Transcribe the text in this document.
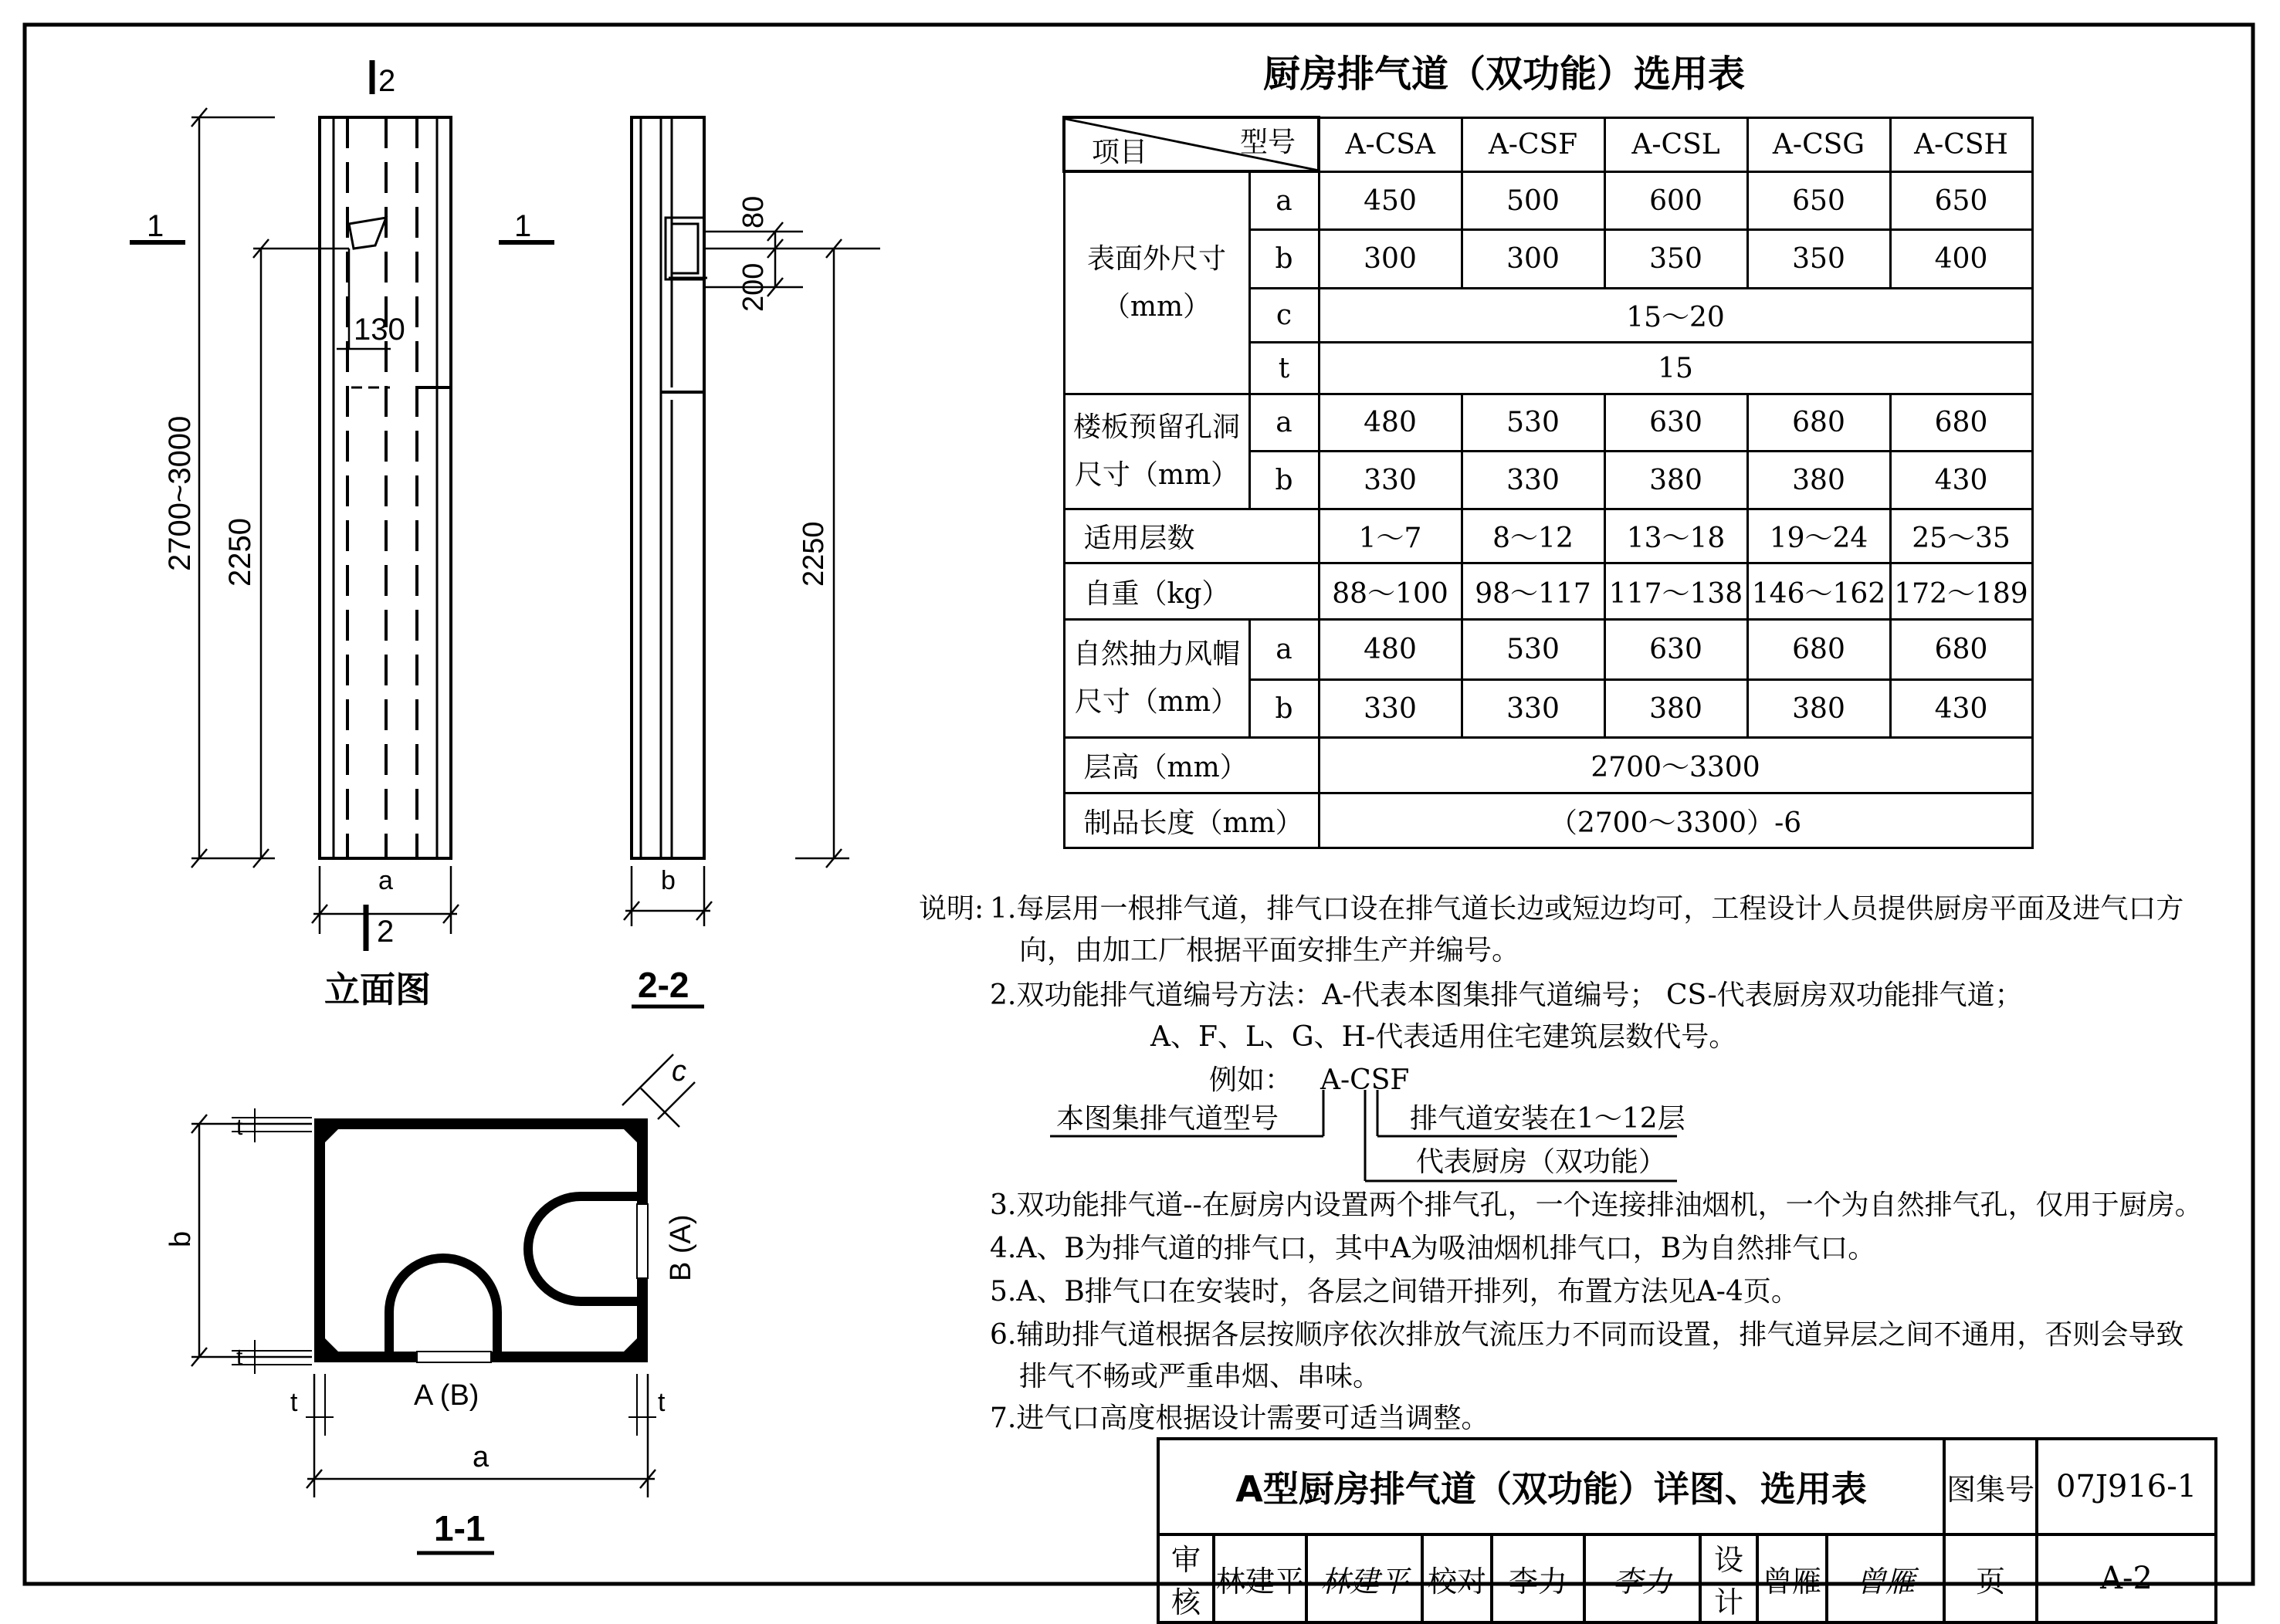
2
1	1
2700~3000 2250
130
a
2
立面图
80
200
2250
b
2-2
c
t
t
b
t	t
A (B)
B (A)
a
1-1
厨房排气道（双功能）选用表
型号
项目		A-CSA	A-CSF	A-CSL	A-CSG	A-CSH
表面外尺寸
（mm）	a	450	500	600	650	650
	b	300	300	350	350	400
	c	15～20				
	t	15				
楼板预留孔洞
尺寸（mm）	a	480	530	630	680	680
	b	330	330	380	380	430
适用层数		1～7	8～12	13～18	19～24	25～35
自重（kg）		88～100	98～117	117～138	146～162	172～189
自然抽力风帽
尺寸（mm）	a	480	530	630	680	680
	b	330	330	380	380	430
层高（mm）		2700～3300				
制品长度（mm）		（2700～3300）-6				
说明: 1.每层用一根排气道，排气口设在排气道长边或短边均可，工程设计人员提供厨房平面及进气口方
向，由加工厂根据平面安排生产并编号。
2.双功能排气道编号方法：A-代表本图集排气道编号； CS-代表厨房双功能排气道；
A、F、L、G、H-代表适用住宅建筑层数代号。
例如： A-CSF
本图集排气道型号	排气道安装在1～12层
代表厨房（双功能）
3.双功能排气道--在厨房内设置两个排气孔，一个连接排油烟机，一个为自然排气孔，仅用于厨房。
4.A、B为排气道的排气口，其中A为吸油烟机排气口，B为自然排气口。
5.A、B排气口在安装时，各层之间错开排列，布置方法见A-4页。
6.辅助排气道根据各层按顺序依次排放气流压力不同而设置，排气道异层之间不通用，否则会导致
排气不畅或严重串烟、串味。
7.进气口高度根据设计需要可适当调整。
A型厨房排气道（双功能）详图、选用表									图集号	07J916-1
审核	林建平	林建平	校对	李力	李力	设计	曾雁	曾雁	页	A-2
